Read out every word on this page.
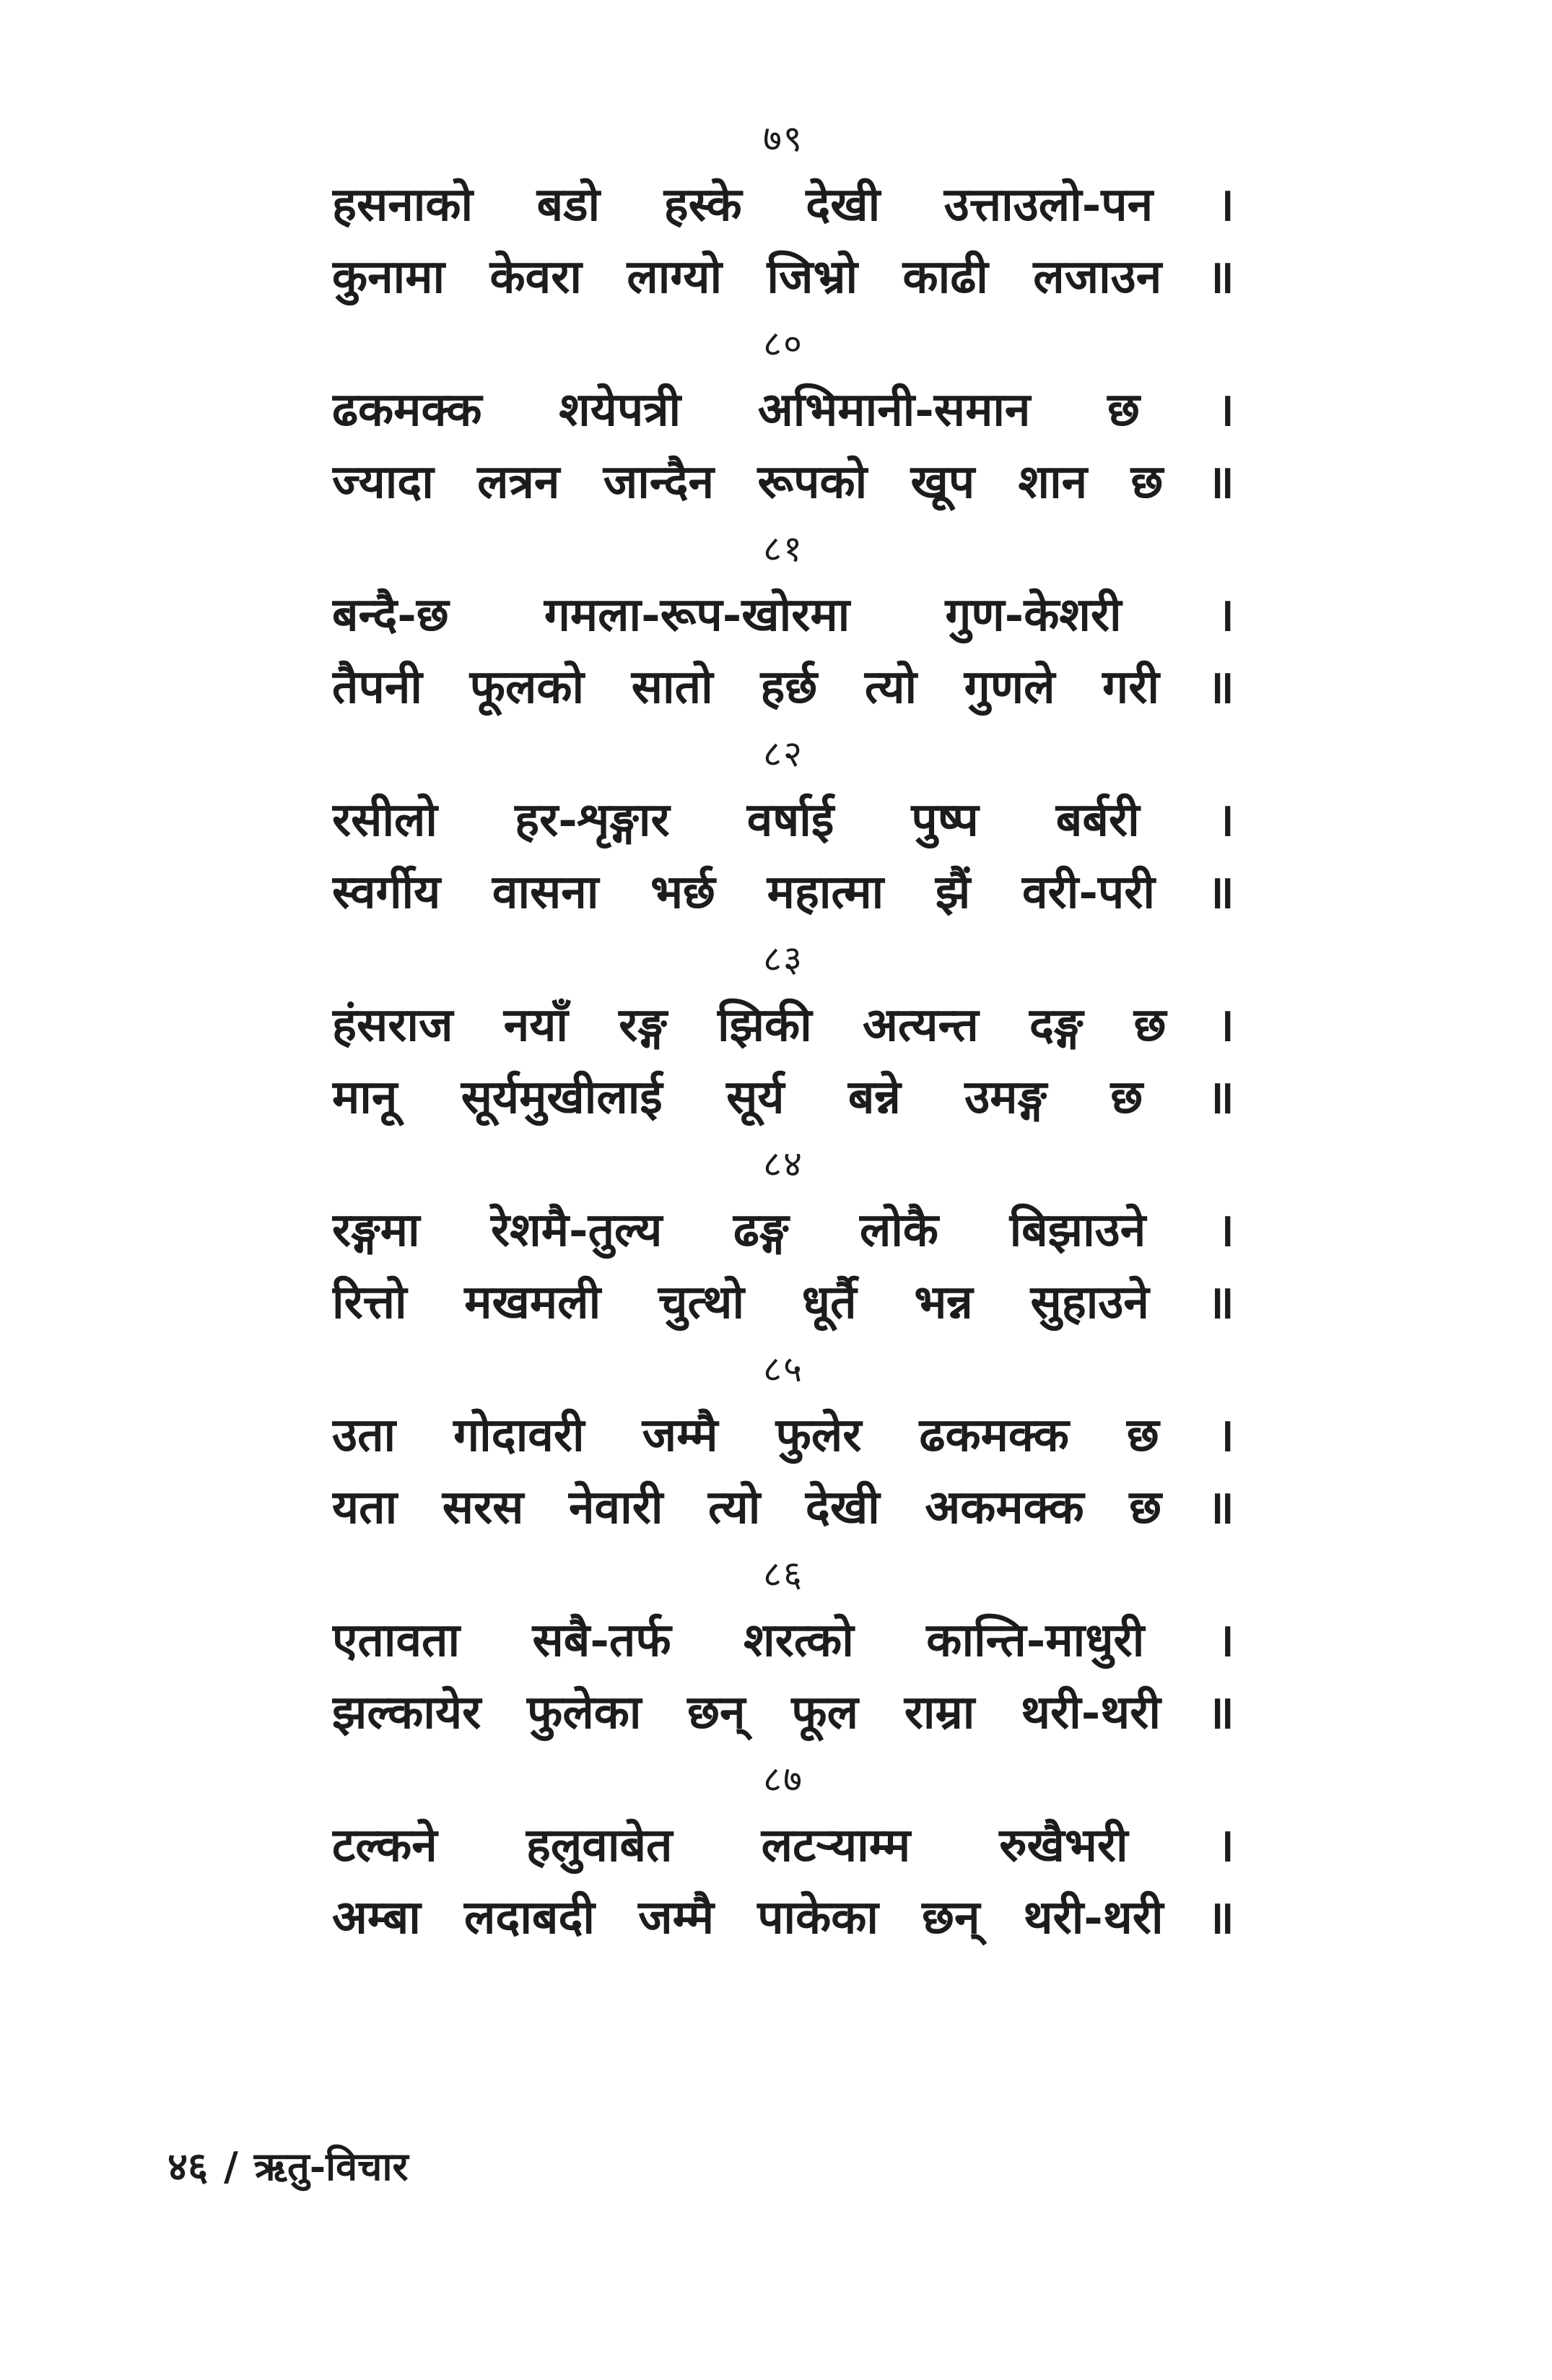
७९
हसनाको बडो हस्के देखी उत्ताउलो-पन ।
कुनामा केवरा लाग्यो जिभ्रो काढी लजाउन ॥
८०
ढकमक्क शयेपत्री अभिमानी-समान छ ।
ज्यादा लत्रन जान्दैन रूपको खूप शान छ ॥
८१
बन्दै-छ गमला-रूप-खोरमा गुण-केशरी ।
तैपनी फूलको सातो हर्छ त्यो गुणले गरी ॥
८२
रसीलो हर-शृङ्गार वर्षाई पुष्प बर्बरी ।
स्वर्गीय वासना भर्छ महात्मा झैं वरी-परी ॥
८३
हंसराज नयाँ रङ्ग झिकी अत्यन्त दङ्ग छ ।
मानू सूर्यमुखीलाई सूर्य बन्ने उमङ्ग छ ॥
८४
रङ्गमा रेशमै-तुल्य ढङ्ग लोकै बिझाउने ।
रित्तो मखमली चुत्थो धूर्तै भन्न सुहाउने ॥
८५
उता गोदावरी जम्मै फुलेर ढकमक्क छ ।
यता सरस नेवारी त्यो देखी अकमक्क छ ॥
८६
एतावता सबै-तर्फ शरत्को कान्ति-माधुरी ।
झल्कायेर फुलेका छन् फूल राम्रा थरी-थरी ॥
८७
टल्कने हलुवाबेत लटऱ्याम्म रुखैभरी ।
अम्बा लदाबदी जम्मै पाकेका छन् थरी-थरी ॥
४६ / ऋतु-विचार
